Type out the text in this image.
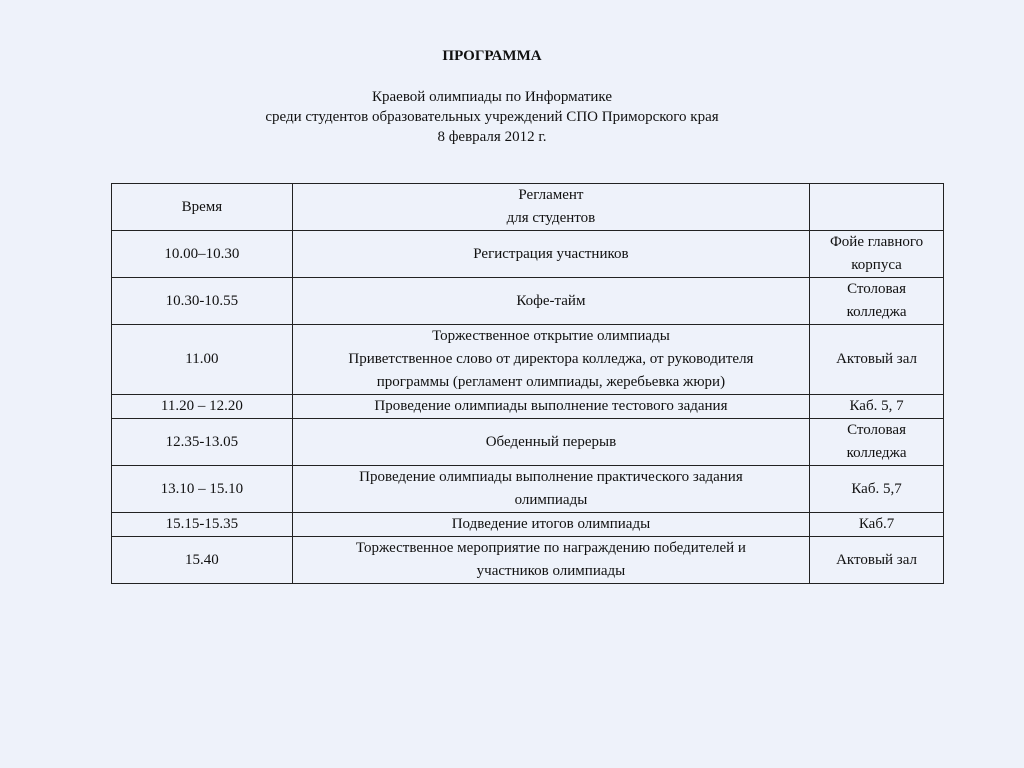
ПРОГРАММА
Краевой олимпиады по Информатике
среди студентов образовательных учреждений СПО Приморского края
8 февраля 2012 г.
Время	Регламент
для студентов	

10.00–10.30	Регистрация участников	Фойе главного
корпуса

10.30-10.55	Кофе-тайм	Столовая
колледжа

11.00	Торжественное открытие олимпиады
Приветственное слово от директора колледжа, от руководителя
программы (регламент олимпиады, жеребьевка жюри)	Актовый зал

11.20 – 12.20	Проведение олимпиады выполнение тестового задания	Каб. 5, 7

12.35-13.05	Обеденный перерыв	Столовая
колледжа

13.10 – 15.10	Проведение олимпиады выполнение практического задания
олимпиады	Каб. 5,7

15.15-15.35	Подведение итогов олимпиады	Каб.7

15.40	Торжественное мероприятие по награждению победителей и
участников олимпиады	Актовый зал
